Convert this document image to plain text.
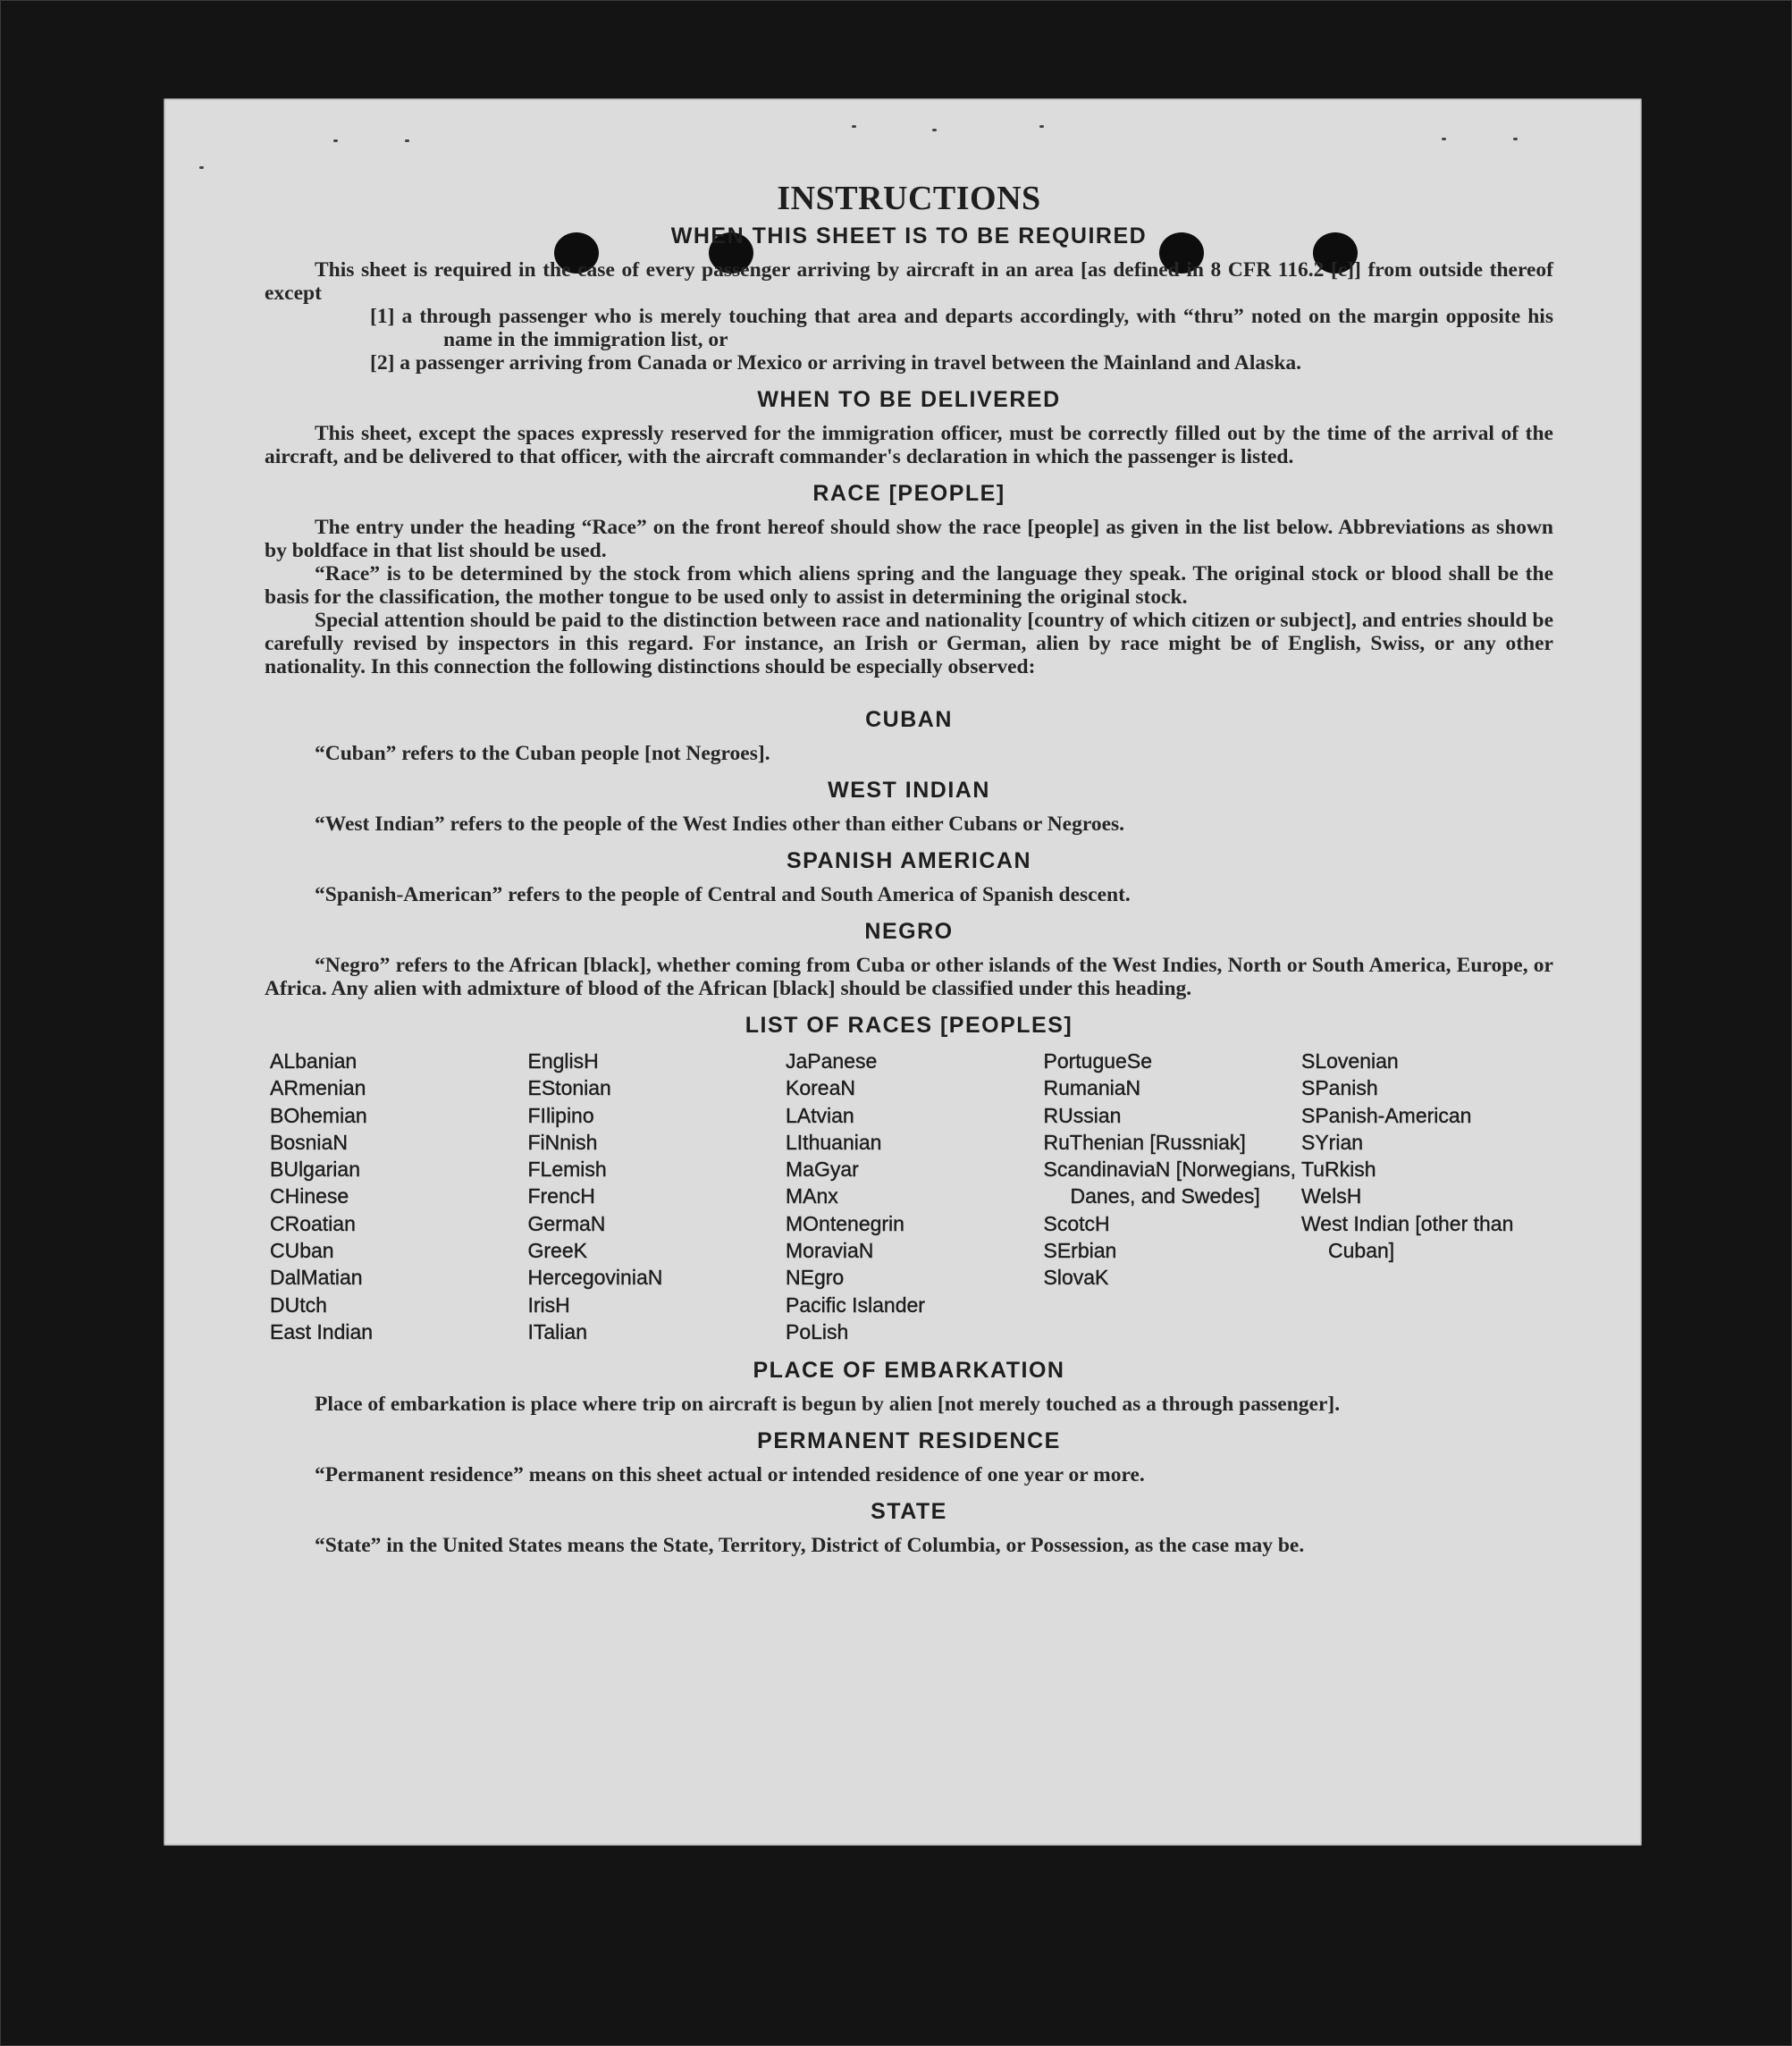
INSTRUCTIONS
WHEN THIS SHEET IS TO BE REQUIRED

This sheet is required in the case of every passenger arriving by aircraft in an area [as defined in 8 CFR 116.2 [c]] from outside thereof except

[1] a through passenger who is merely touching that area and departs accordingly, with “thru” noted on the margin opposite his name in the immigration list, or

[2] a passenger arriving from Canada or Mexico or arriving in travel between the Mainland and Alaska.

WHEN TO BE DELIVERED

This sheet, except the spaces expressly reserved for the immigration officer, must be correctly filled out by the time of the arrival of the aircraft, and be delivered to that officer, with the aircraft commander's declaration in which the passenger is listed.

RACE [PEOPLE]

The entry under the heading “Race” on the front hereof should show the race [people] as given in the list below. Abbreviations as shown by boldface in that list should be used.

“Race” is to be determined by the stock from which aliens spring and the language they speak. The original stock or blood shall be the basis for the classification, the mother tongue to be used only to assist in determining the original stock.

Special attention should be paid to the distinction between race and nationality [country of which citizen or subject], and entries should be carefully revised by inspectors in this regard. For instance, an Irish or German, alien by race might be of English, Swiss, or any other nationality. In this connection the following distinctions should be especially observed:

CUBAN

“Cuban” refers to the Cuban people [not Negroes].

WEST INDIAN

“West Indian” refers to the people of the West Indies other than either Cubans or Negroes.

SPANISH AMERICAN

“Spanish-American” refers to the people of Central and South America of Spanish descent.

NEGRO

“Negro” refers to the African [black], whether coming from Cuba or other islands of the West Indies, North or South America, Europe, or Africa. Any alien with admixture of blood of the African [black] should be classified under this heading.

LIST OF RACES [PEOPLES]
ALbanian
ARmenian
BOhemian
BosniaN
BUlgarian
CHinese
CRoatian
CUban
DalMatian
DUtch
East Indian
EnglisH
EStonian
FIlipino
FiNnish
FLemish
FrencH
GermaN
GreeK
HercegoviniaN
IrisH
ITalian
JaPanese
KoreaN
LAtvian
LIthuanian
MaGyar
MAnx
MOntenegrin
MoraviaN
NEgro
Pacific Islander
PoLish
PortugueSe
RumaniaN
RUssian
RuThenian [Russniak]
ScandinaviaN [Norwegians, Danes, and Swedes]
ScotcH
SErbian
SlovaK
SLovenian
SPanish
SPanish-American
SYrian
TuRkish
WelsH
West Indian [other than Cuban]
PLACE OF EMBARKATION

Place of embarkation is place where trip on aircraft is begun by alien [not merely touched as a through passenger].

PERMANENT RESIDENCE

“Permanent residence” means on this sheet actual or intended residence of one year or more.

STATE

“State” in the United States means the State, Territory, District of Columbia, or Possession, as the case may be.
